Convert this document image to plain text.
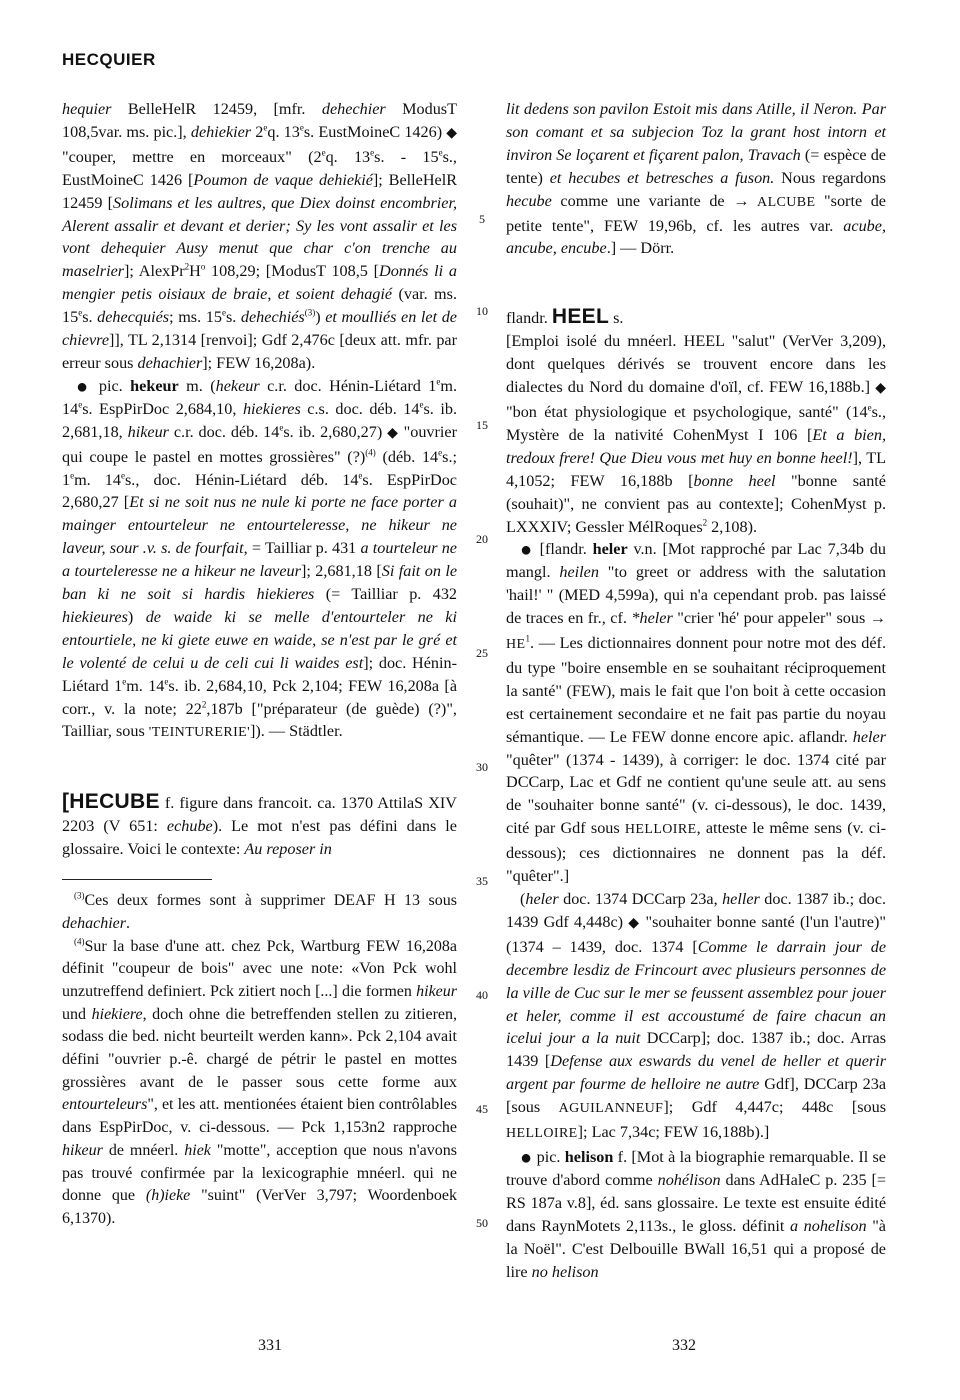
HECQUIER

hequier BelleHelR 12459, [mfr. dehechier ModusT 108,5var. ms. pic.], dehiekier 2eq. 13es. EustMoineC 1426) ◆ "couper, mettre en morceaux" (2eq. 13es. - 15es., EustMoineC 1426 [Poumon de vaque dehiekié]; BelleHelR 12459 [Solimans et les aultres, que Diex doinst encombrier, Alerent assalir et devant et derier; Sy les vont assalir et les vont dehequier Ausy menut que char c'on trenche au maselrier]; $AlexPr^2H^o$ 108,29; [ModusT 108,5 [Donnés li a mengier petis oisiaux de braie, et soient dehagié (var. ms. 15es. dehecquiés; ms. 15es. dehechiés$^{(3)}$) et moulliés en let de chievre]], TL 2,1314 [renvoi]; Gdf 2,476c [deux att. mfr. par erreur sous dehachier]; FEW 16,208a).

● pic. hekeur m. (hekeur c.r. doc. Hénin-Liétard 1em. 14es. EspPirDoc 2,684,10, hiekieres c.s. doc. déb. 14es. ib. 2,681,18, hikeur c.r. doc. déb. 14es. ib. 2,680,27) ◆ "ouvrier qui coupe le pastel en mottes grossières" (?)$^{(4)}$ (déb. 14es.; 1em. 14es., doc. Hénin-Liétard déb. 14es. EspPirDoc 2,680,27 [Et si ne soit nus ne nule ki porte ne face porter a mainger entourteleur ne entourteleresse, ne hikeur ne laveur, sour .v. s. de fourfait, = Tailliar p. 431 a tourteleur ne a tourteleresse ne a hikeur ne laveur]; 2,681,18 [Si fait on le ban ki ne soit si hardis hiekieres (= Tailliar p. 432 hiekieures) de waide ki se melle d'entourteler ne ki entourtiele, ne ki giete euwe en waide, se n'est par le gré et le volenté de celui u de celi cui li waides est]; doc. Hénin-Liétard 1em. 14es. ib. 2,684,10, Pck 2,104; FEW 16,208a [à corr., v. la note; $22^2,187b$ ["préparateur (de guède) (?)", Tailliar, sous 'TEINTURERIE']). — Städtler.

[HECUBE f. figure dans francoit. ca. 1370 AttilaS XIV 2203 (V 651: echube). Le mot n'est pas défini dans le glossaire. Voici le contexte: Au reposer in

$^{(3)}$Ces deux formes sont à supprimer DEAF H 13 sous dehachier.

$^{(4)}$Sur la base d'une att. chez Pck, Wartburg FEW 16,208a définit "coupeur de bois" avec une note: «Von Pck wohl unzutreffend definiert. Pck zitiert noch [...] die formen hikeur und hiekiere, doch ohne die betreffenden stellen zu zitieren, sodass die bed. nicht beurteilt werden kann». Pck 2,104 avait défini "ouvrier p.-ê. chargé de pétrir le pastel en mottes grossières avant de le passer sous cette forme aux entourteleurs", et les att. mentionées étaient bien contrôlables dans EspPirDoc, v. ci-dessous. — Pck 1,153n2 rapproche hikeur de mnéerl. hiek "motte", acception que nous n'avons pas trouvé confirmée par la lexicographie mnéerl. qui ne donne que (h)ieke "suint" (VerVer 3,797; Woordenboek 6,1370).

5
10
15
20
25
30
35
40
45
50

lit dedens son pavilon Estoit mis dans Atille, il Neron. Par son comant et sa subjecion Toz la grant host intorn et inviron Se loçarent et fiçarent palon, Travach (= espèce de tente) et hecubes et betresches a fuson. Nous regardons hecube comme une variante de → ALCUBE "sorte de petite tente", FEW 19,96b, cf. les autres var. acube, ancube, encube.] — Dörr.

flandr. HEEL s.

[Emploi isolé du mnéerl. HEEL "salut" (VerVer 3,209), dont quelques dérivés se trouvent encore dans les dialectes du Nord du domaine d'oïl, cf. FEW 16,188b.] ◆ "bon état physiologique et psychologique, santé" (14es., Mystère de la nativité CohenMyst I 106 [Et a bien, tredoux frere! Que Dieu vous met huy en bonne heel!], TL 4,1052; FEW 16,188b [bonne heel "bonne santé (souhait)", ne convient pas au contexte]; CohenMyst p. LXXXIV; Gessler MélRoques$^2$ 2,108).

● [flandr. heler v.n. [Mot rapproché par Lac 7,34b du mangl. heilen "to greet or address with the salutation 'hail!' " (MED 4,599a), qui n'a cependant prob. pas laissé de traces en fr., cf. *heler "crier 'hé' pour appeler" sous → $HE^1$. — Les dictionnaires donnent pour notre mot des déf. du type "boire ensemble en se souhaitant réciproquement la santé" (FEW), mais le fait que l'on boit à cette occasion est certainement secondaire et ne fait pas partie du noyau sémantique. — Le FEW donne encore apic. aflandr. heler "quêter" (1374 - 1439), à corriger: le doc. 1374 cité par DCCarp, Lac et Gdf ne contient qu'une seule att. au sens de "souhaiter bonne santé" (v. ci-dessous), le doc. 1439, cité par Gdf sous HELLOIRE, atteste le même sens (v. ci-dessous); ces dictionnaires ne donnent pas la déf. "quêter".]

(heler doc. 1374 DCCarp 23a, heller doc. 1387 ib.; doc. 1439 Gdf 4,448c) ◆ "souhaiter bonne santé (l'un l'autre)" (1374 – 1439, doc. 1374 [Comme le darrain jour de decembre lesdiz de Frincourt avec plusieurs personnes de la ville de Cuc sur le mer se feussent assemblez pour jouer et heler, comme il est accoustumé de faire chacun an icelui jour a la nuit DCCarp]; doc. 1387 ib.; doc. Arras 1439 [Defense aux eswards du venel de heller et querir argent par fourme de helloire ne autre Gdf], DCCarp 23a [sous AGUILANNEUF]; Gdf 4,447c; 448c [sous HELLOIRE]; Lac 7,34c; FEW 16,188b).]

● pic. helison f. [Mot à la biographie remarquable. Il se trouve d'abord comme nohélison dans AdHaleC p. 235 [= RS 187a v.8], éd. sans glossaire. Le texte est ensuite édité dans RaynMotets 2,113s., le gloss. définit a nohelison "à la Noël". C'est Delbouille BWall 16,51 qui a proposé de lire no helison

331	332
